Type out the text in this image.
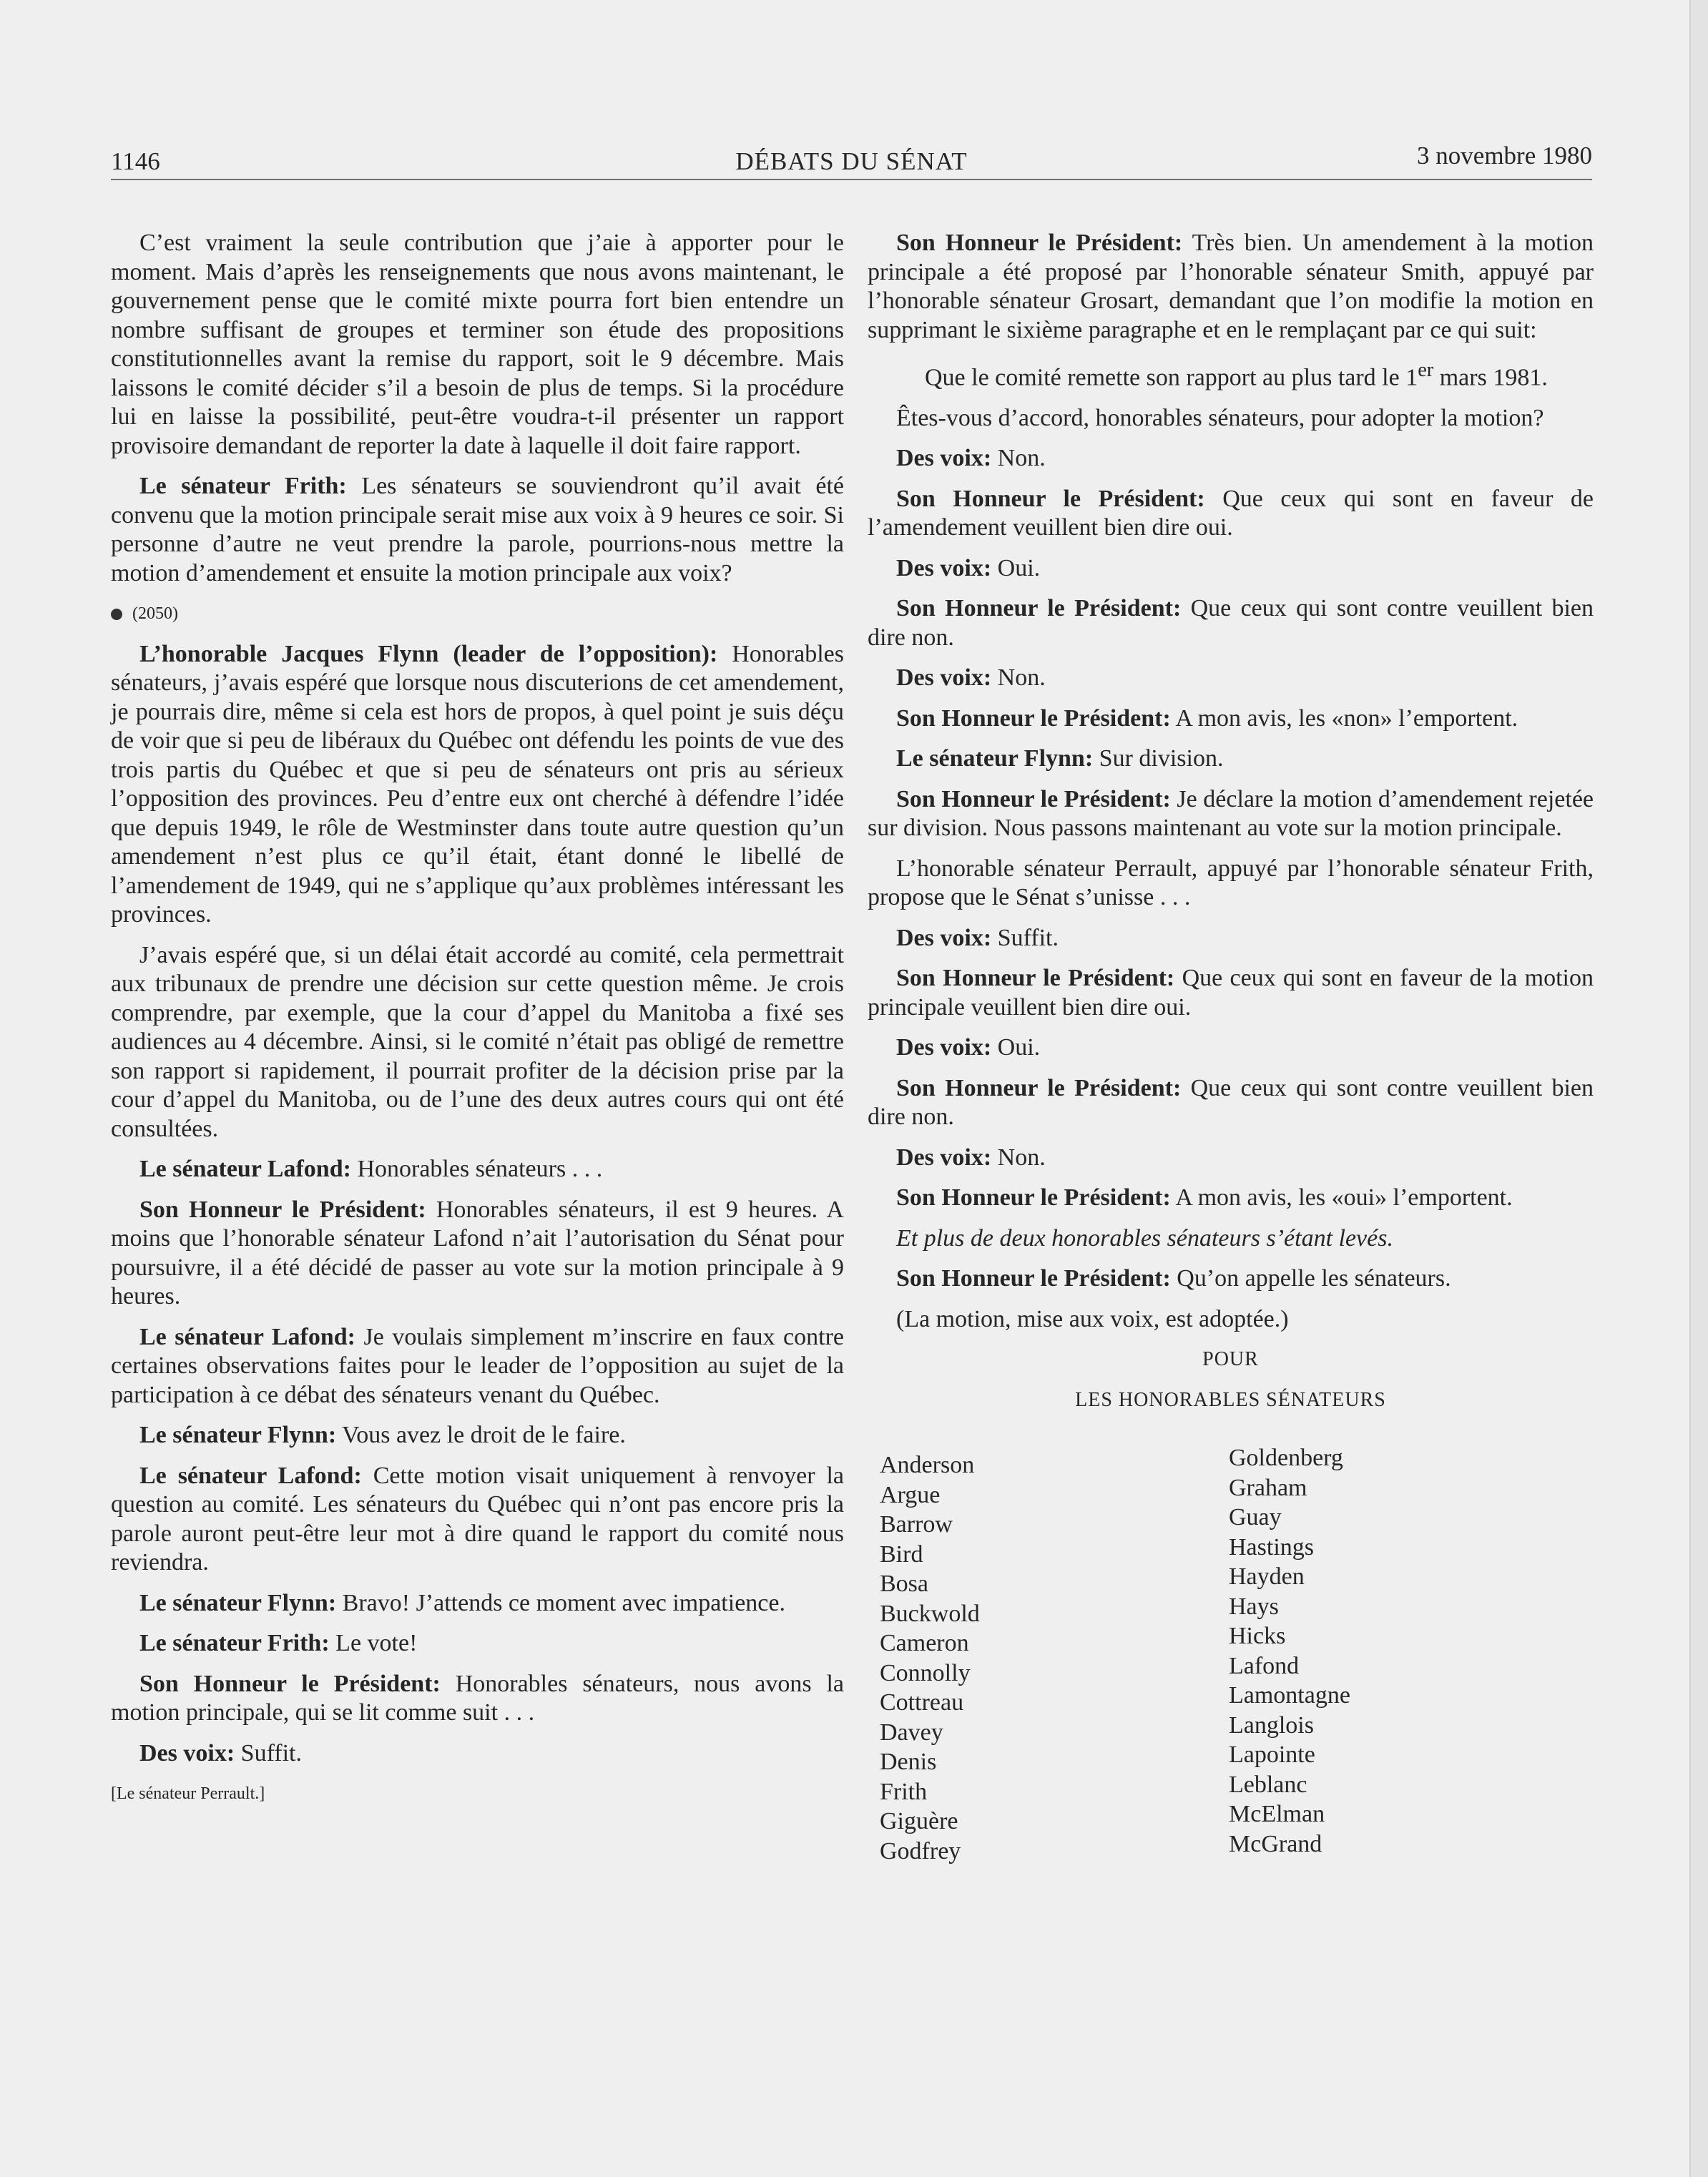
1146	DÉBATS DU SÉNAT	3 novembre 1980

C’est vraiment la seule contribution que j’aie à apporter pour le moment. Mais d’après les renseignements que nous avons maintenant, le gouvernement pense que le comité mixte pourra fort bien entendre un nombre suffisant de groupes et terminer son étude des propositions constitutionnelles avant la remise du rapport, soit le 9 décembre. Mais laissons le comité décider s’il a besoin de plus de temps. Si la procédure lui en laisse la possibilité, peut-être voudra-t-il présenter un rapport provisoire demandant de reporter la date à laquelle il doit faire rapport.

Le sénateur Frith: Les sénateurs se souviendront qu’il avait été convenu que la motion principale serait mise aux voix à 9 heures ce soir. Si personne d’autre ne veut prendre la parole, pourrions-nous mettre la motion d’amendement et ensuite la motion principale aux voix?

(2050)

L’honorable Jacques Flynn (leader de l’opposition): Honorables sénateurs, j’avais espéré que lorsque nous discuterions de cet amendement, je pourrais dire, même si cela est hors de propos, à quel point je suis déçu de voir que si peu de libéraux du Québec ont défendu les points de vue des trois partis du Québec et que si peu de sénateurs ont pris au sérieux l’opposition des provinces. Peu d’entre eux ont cherché à défendre l’idée que depuis 1949, le rôle de Westminster dans toute autre question qu’un amendement n’est plus ce qu’il était, étant donné le libellé de l’amendement de 1949, qui ne s’applique qu’aux problèmes intéressant les provinces.

J’avais espéré que, si un délai était accordé au comité, cela permettrait aux tribunaux de prendre une décision sur cette question même. Je crois comprendre, par exemple, que la cour d’appel du Manitoba a fixé ses audiences au 4 décembre. Ainsi, si le comité n’était pas obligé de remettre son rapport si rapidement, il pourrait profiter de la décision prise par la cour d’appel du Manitoba, ou de l’une des deux autres cours qui ont été consultées.

Le sénateur Lafond: Honorables sénateurs . . .

Son Honneur le Président: Honorables sénateurs, il est 9 heures. A moins que l’honorable sénateur Lafond n’ait l’autorisation du Sénat pour poursuivre, il a été décidé de passer au vote sur la motion principale à 9 heures.

Le sénateur Lafond: Je voulais simplement m’inscrire en faux contre certaines observations faites pour le leader de l’opposition au sujet de la participation à ce débat des sénateurs venant du Québec.

Le sénateur Flynn: Vous avez le droit de le faire.

Le sénateur Lafond: Cette motion visait uniquement à renvoyer la question au comité. Les sénateurs du Québec qui n’ont pas encore pris la parole auront peut-être leur mot à dire quand le rapport du comité nous reviendra.

Le sénateur Flynn: Bravo! J’attends ce moment avec impatience.

Le sénateur Frith: Le vote!

Son Honneur le Président: Honorables sénateurs, nous avons la motion principale, qui se lit comme suit . . .

Des voix: Suffit.

[Le sénateur Perrault.]

Son Honneur le Président: Très bien. Un amendement à la motion principale a été proposé par l’honorable sénateur Smith, appuyé par l’honorable sénateur Grosart, demandant que l’on modifie la motion en supprimant le sixième paragraphe et en le remplaçant par ce qui suit:

Que le comité remette son rapport au plus tard le 1er mars 1981.

Êtes-vous d’accord, honorables sénateurs, pour adopter la motion?

Des voix: Non.

Son Honneur le Président: Que ceux qui sont en faveur de l’amendement veuillent bien dire oui.

Des voix: Oui.

Son Honneur le Président: Que ceux qui sont contre veuillent bien dire non.

Des voix: Non.

Son Honneur le Président: A mon avis, les «non» l’emportent.

Le sénateur Flynn: Sur division.

Son Honneur le Président: Je déclare la motion d’amendement rejetée sur division. Nous passons maintenant au vote sur la motion principale.

L’honorable sénateur Perrault, appuyé par l’honorable sénateur Frith, propose que le Sénat s’unisse . . .

Des voix: Suffit.

Son Honneur le Président: Que ceux qui sont en faveur de la motion principale veuillent bien dire oui.

Des voix: Oui.

Son Honneur le Président: Que ceux qui sont contre veuillent bien dire non.

Des voix: Non.

Son Honneur le Président: A mon avis, les «oui» l’emportent.

Et plus de deux honorables sénateurs s’étant levés.

Son Honneur le Président: Qu’on appelle les sénateurs.

(La motion, mise aux voix, est adoptée.)

POUR

LES HONORABLES SÉNATEURS

Anderson
Argue
Barrow
Bird
Bosa
Buckwold
Cameron
Connolly
Cottreau
Davey
Denis
Frith
Giguère
Godfrey
Goldenberg
Graham
Guay
Hastings
Hayden
Hays
Hicks
Lafond
Lamontagne
Langlois
Lapointe
Leblanc
McElman
McGrand
